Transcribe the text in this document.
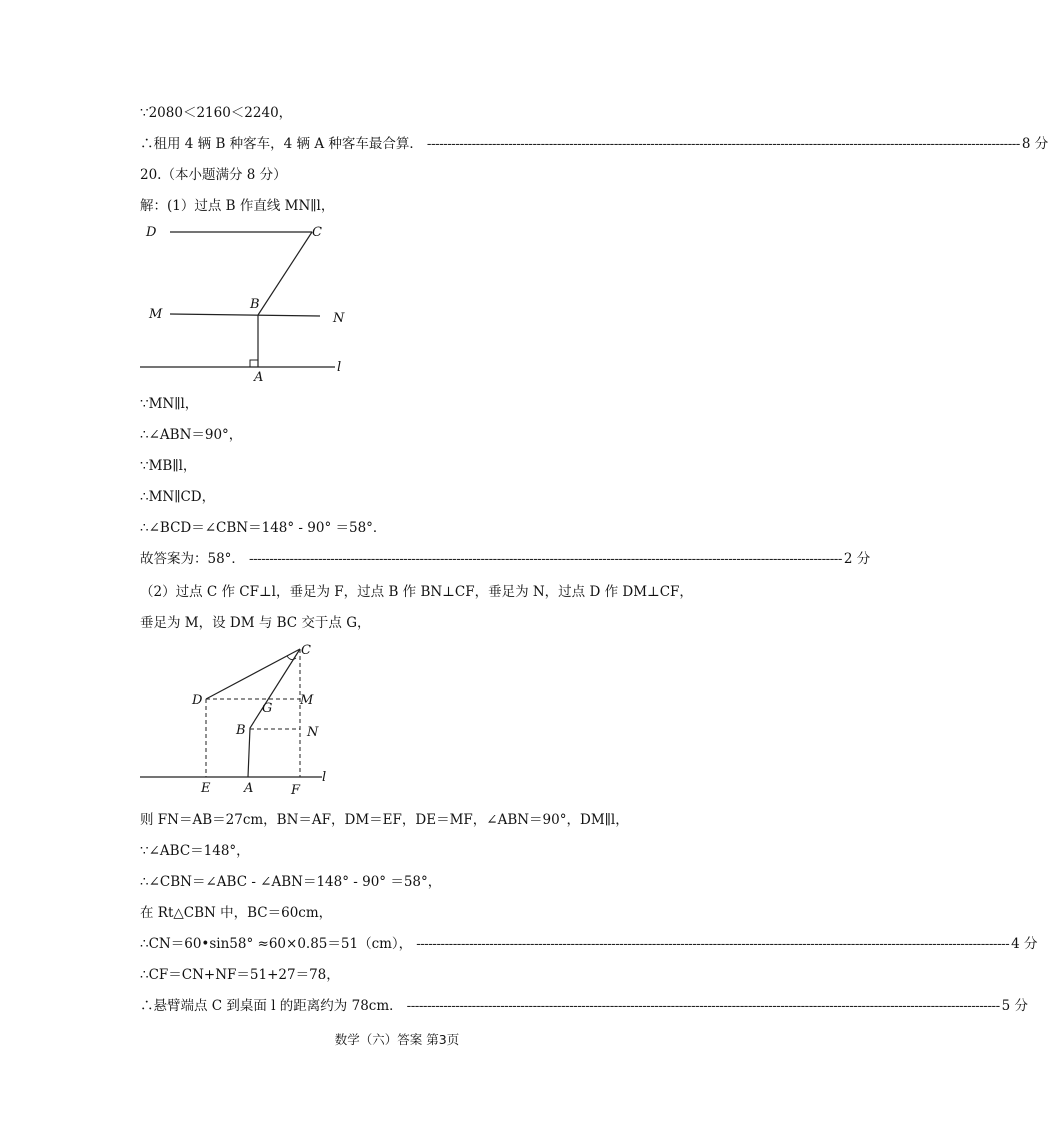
∵2080＜2160＜2240，
∴租用 4 辆 B 种客车，4 辆 A 种客车最合算． -------------------------------------------------------------------------------------------------------------------------------------------------- 8 分
20.（本小题满分 8 分）
解：(1）过点 B 作直线 MN∥l，
D	C
B
M	N
A
l
∵MN∥l，
∴∠ABN＝90°，
∵MB∥l，
∴MN∥CD，
∴∠BCD＝∠CBN＝148° - 90° ＝58°．
故答案为：58°． -------------------------------------------------------------------------------------------------------------------------------------------------- 2 分
（2）过点 C 作 CF⊥l，垂足为 F，过点 B 作 BN⊥CF，垂足为 N，过点 D 作 DM⊥CF，
垂足为 M，设 DM 与 BC 交于点 G，
C
D	M
G
B	N
E	A	F
l
则 FN＝AB＝27cm，BN＝AF，DM＝EF，DE＝MF，∠ABN＝90°，DM∥l，
∵∠ABC＝148°，
∴∠CBN＝∠ABC - ∠ABN＝148° - 90° ＝58°，
在 Rt△CBN 中，BC＝60cm，
∴CN＝60•sin58° ≈60×0.85＝51（cm）， -------------------------------------------------------------------------------------------------------------------------------------------------- 4 分
∴CF＝CN+NF＝51+27＝78，
∴悬臂端点 C 到桌面 l 的距离约为 78cm． -------------------------------------------------------------------------------------------------------------------------------------------------- 5 分
数学（六）答案 第3页
